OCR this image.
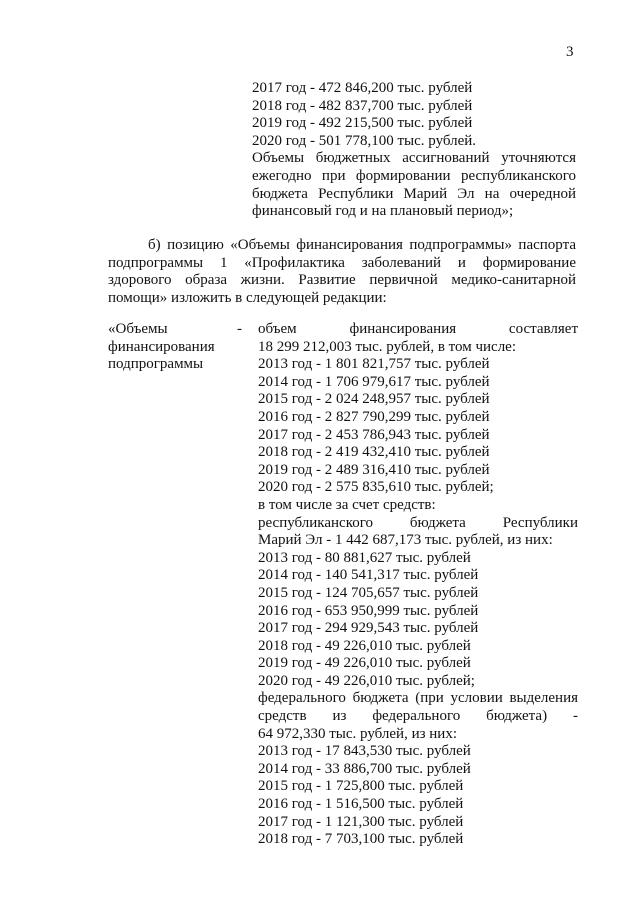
3
2017 год - 472 846,200 тыс. рублей
2018 год - 482 837,700 тыс. рублей
2019 год - 492 215,500 тыс. рублей
2020 год - 501 778,100 тыс. рублей.
Объемы бюджетных ассигнований уточняются
ежегодно при формировании республиканского
бюджета Республики Марий Эл на очередной
финансовый год и на плановый период»;
б) позицию «Объемы финансирования подпрограммы» паспорта
подпрограммы 1 «Профилактика заболеваний и формирование
здорового образа жизни. Развитие первичной медико-санитарной
помощи» изложить в следующей редакции:
«Объемы
финансирования
подпрограммы
- объем финансирования составляет
18 299 212,003 тыс. рублей, в том числе:
2013 год - 1 801 821,757 тыс. рублей
2014 год - 1 706 979,617 тыс. рублей
2015 год - 2 024 248,957 тыс. рублей
2016 год - 2 827 790,299 тыс. рублей
2017 год - 2 453 786,943 тыс. рублей
2018 год - 2 419 432,410 тыс. рублей
2019 год - 2 489 316,410 тыс. рублей
2020 год - 2 575 835,610 тыс. рублей;
в том числе за счет средств:
республиканского бюджета Республики
Марий Эл - 1 442 687,173 тыс. рублей, из них:
2013 год - 80 881,627 тыс. рублей
2014 год - 140 541,317 тыс. рублей
2015 год - 124 705,657 тыс. рублей
2016 год - 653 950,999 тыс. рублей
2017 год - 294 929,543 тыс. рублей
2018 год - 49 226,010 тыс. рублей
2019 год - 49 226,010 тыс. рублей
2020 год - 49 226,010 тыс. рублей;
федерального бюджета (при условии выделения
средств из федерального бюджета) -
64 972,330 тыс. рублей, из них:
2013 год - 17 843,530 тыс. рублей
2014 год - 33 886,700 тыс. рублей
2015 год - 1 725,800 тыс. рублей
2016 год - 1 516,500 тыс. рублей
2017 год - 1 121,300 тыс. рублей
2018 год - 7 703,100 тыс. рублей
